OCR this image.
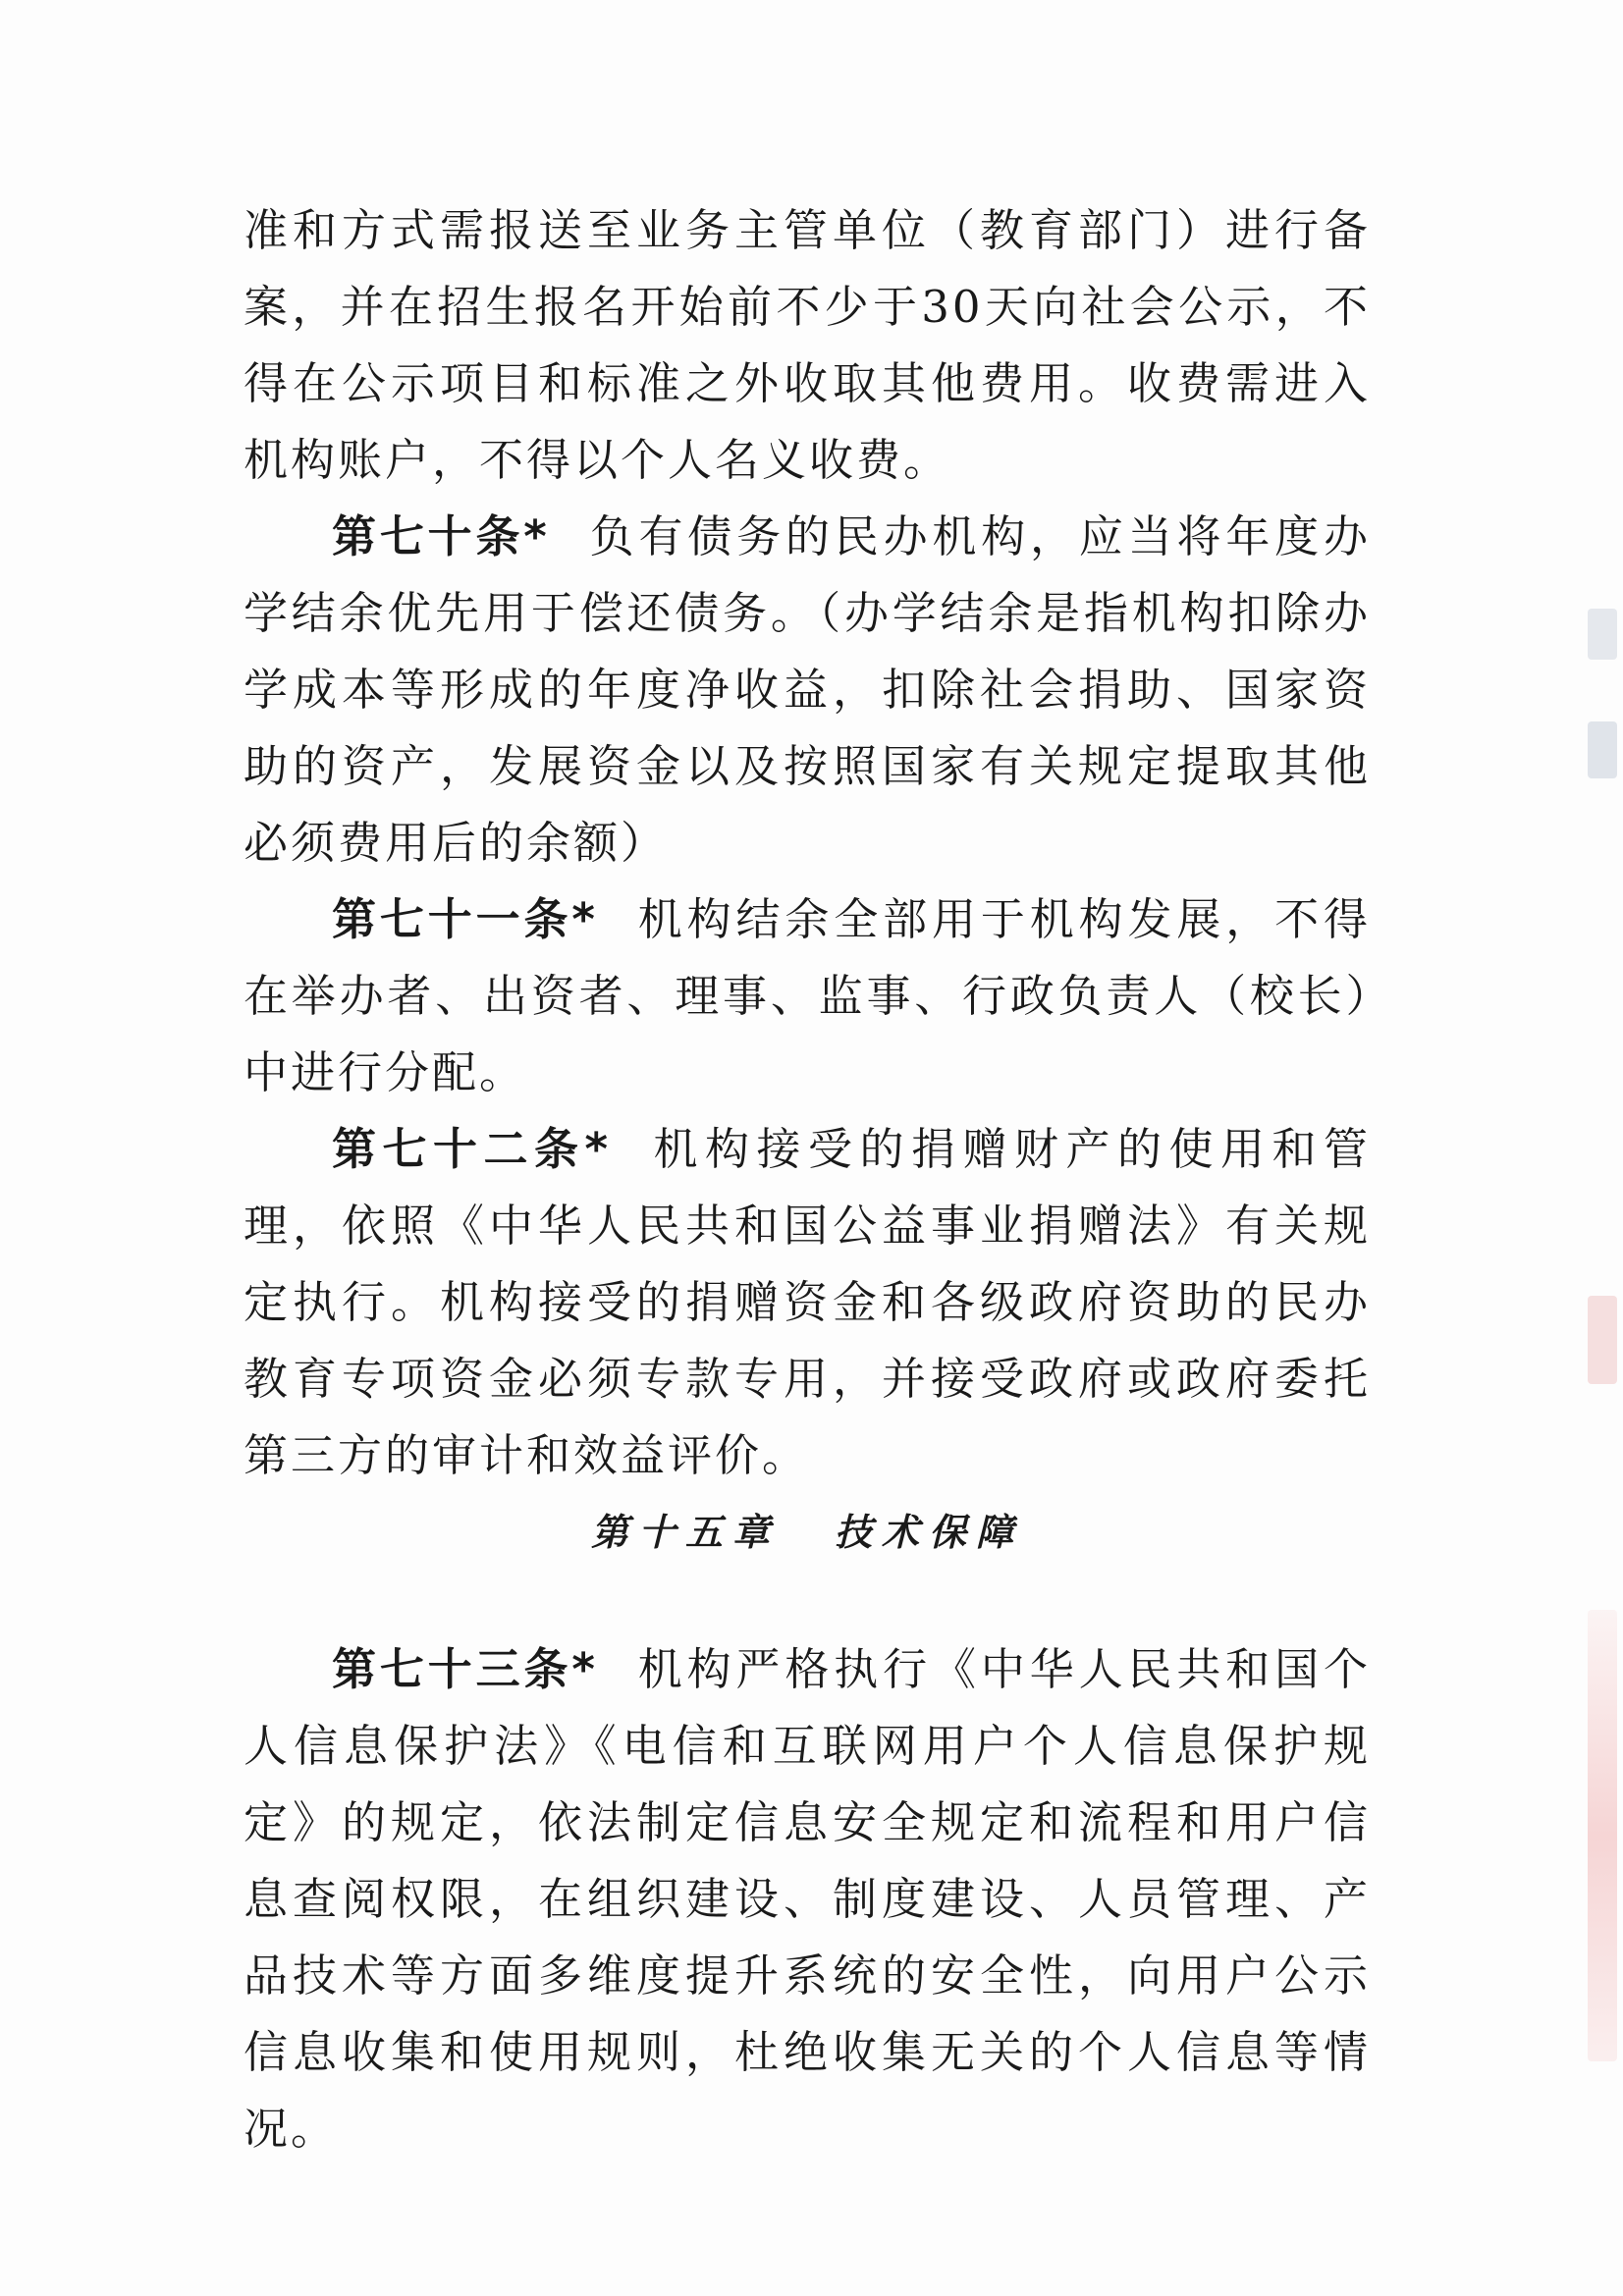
准和方式需报送至业务主管单位（教育部门）进行备案，并在招生报名开始前不少于30天向社会公示，不得在公示项目和标准之外收取其他费用。收费需进入机构账户，不得以个人名义收费。

第七十条* 负有债务的民办机构，应当将年度办学结余优先用于偿还债务。（办学结余是指机构扣除办学成本等形成的年度净收益，扣除社会捐助、国家资助的资产，发展资金以及按照国家有关规定提取其他必须费用后的余额）

第七十一条* 机构结余全部用于机构发展，不得在举办者、出资者、理事、监事、行政负责人（校长）中进行分配。

第七十二条* 机构接受的捐赠财产的使用和管理，依照《中华人民共和国公益事业捐赠法》有关规定执行。机构接受的捐赠资金和各级政府资助的民办教育专项资金必须专款专用，并接受政府或政府委托第三方的审计和效益评价。

第十五章 技术保障

第七十三条* 机构严格执行《中华人民共和国个人信息保护法》《电信和互联网用户个人信息保护规定》的规定，依法制定信息安全规定和流程和用户信息查阅权限，在组织建设、制度建设、人员管理、产品技术等方面多维度提升系统的安全性，向用户公示信息收集和使用规则，杜绝收集无关的个人信息等情况。
